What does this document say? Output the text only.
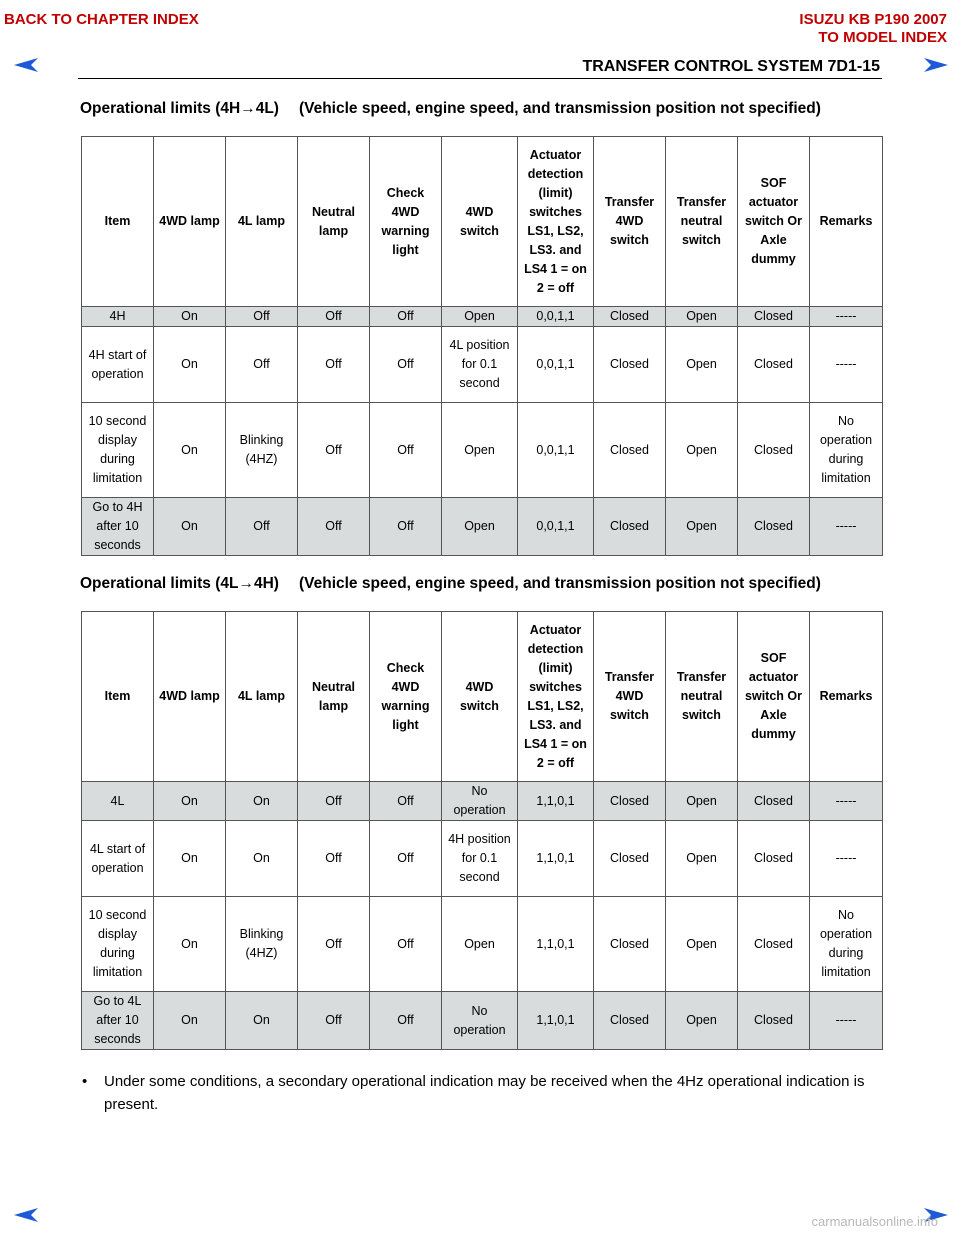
BACK TO CHAPTER INDEX	ISUZU KB P190 2007
TO MODEL INDEX
TRANSFER CONTROL SYSTEM 7D1-15
Operational limits (4H→4L) (Vehicle speed, engine speed, and transmission position not specified)
Item	4WD lamp	4L lamp	Neutral lamp	Check 4WD warning light	4WD switch	Actuator detection (limit) switches LS1, LS2, LS3. and LS4 1 = on 2 = off	Transfer 4WD switch	Transfer neutral switch	SOF actuator switch Or Axle dummy	Remarks
4H	On	Off	Off	Off	Open	0,0,1,1	Closed	Open	Closed	-----
4H start of operation	On	Off	Off	Off	4L position for 0.1 second	0,0,1,1	Closed	Open	Closed	-----
10 second display during limitation	On	Blinking (4HZ)	Off	Off	Open	0,0,1,1	Closed	Open	Closed	No operation during limitation
Go to 4H after 10 seconds	On	Off	Off	Off	Open	0,0,1,1	Closed	Open	Closed	-----
Operational limits (4L→4H) (Vehicle speed, engine speed, and transmission position not specified)
Item	4WD lamp	4L lamp	Neutral lamp	Check 4WD warning light	4WD switch	Actuator detection (limit) switches LS1, LS2, LS3. and LS4 1 = on 2 = off	Transfer 4WD switch	Transfer neutral switch	SOF actuator switch Or Axle dummy	Remarks
4L	On	On	Off	Off	No operation	1,1,0,1	Closed	Open	Closed	-----
4L start of operation	On	On	Off	Off	4H position for 0.1 second	1,1,0,1	Closed	Open	Closed	-----
10 second display during limitation	On	Blinking (4HZ)	Off	Off	Open	1,1,0,1	Closed	Open	Closed	No operation during limitation
Go to 4L after 10 seconds	On	On	Off	Off	No operation	1,1,0,1	Closed	Open	Closed	-----
• Under some conditions, a secondary operational indication may be received when the 4Hz operational indication is present.
carmanualsonline.info
